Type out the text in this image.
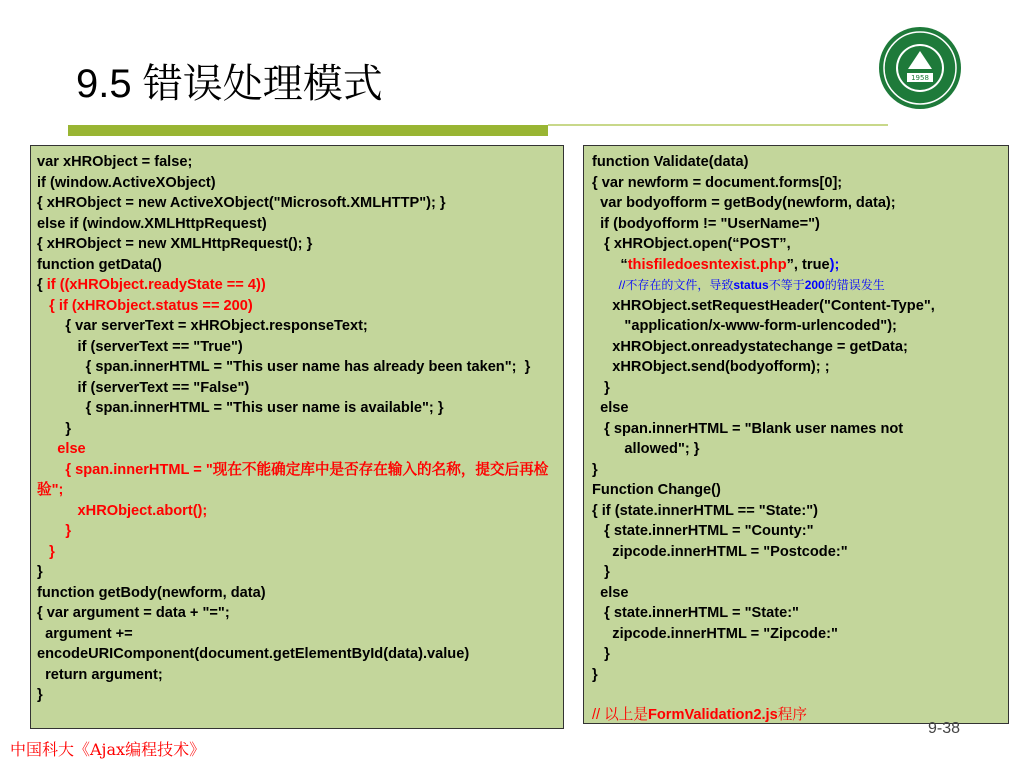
9.5 错误处理模式	1958
var xHRObject = false;
if (window.ActiveXObject)
{ xHRObject = new ActiveXObject("Microsoft.XMLHTTP"); }
else if (window.XMLHttpRequest)
{ xHRObject = new XMLHttpRequest(); }
function getData()
{ if ((xHRObject.readyState == 4))
{ if (xHRObject.status == 200)
{ var serverText = xHRObject.responseText;
if (serverText == "True")
{ span.innerHTML = "This user name has already been taken";  }
if (serverText == "False")
{ span.innerHTML = "This user name is available"; }
}
else
{ span.innerHTML = "现在不能确定库中是否存在输入的名称，提交后再检验";
xHRObject.abort();
}
}
}
function getBody(newform, data)
{ var argument = data + "=";
argument +=
encodeURIComponent(document.getElementById(data).value)
return argument;
}
function Validate(data)
{ var newform = document.forms[0];
var bodyofform = getBody(newform, data);
if (bodyofform != "UserName=")
{ xHRObject.open(“POST”,
“thisfiledoesntexist.php”, true);
//不存在的文件，导致status不等于200的错误发生
xHRObject.setRequestHeader("Content-Type",
"application/x-www-form-urlencoded");
xHRObject.onreadystatechange = getData;
xHRObject.send(bodyofform); ;
}
else
{ span.innerHTML = "Blank user names not
allowed"; }
}
Function Change()
{ if (state.innerHTML == "State:")
{ state.innerHTML = "County:"
zipcode.innerHTML = "Postcode:"
}
else
{ state.innerHTML = "State:"
zipcode.innerHTML = "Zipcode:"
}
}
// 以上是FormValidation2.js程序
9-38
中国科大《Ajax编程技术》
